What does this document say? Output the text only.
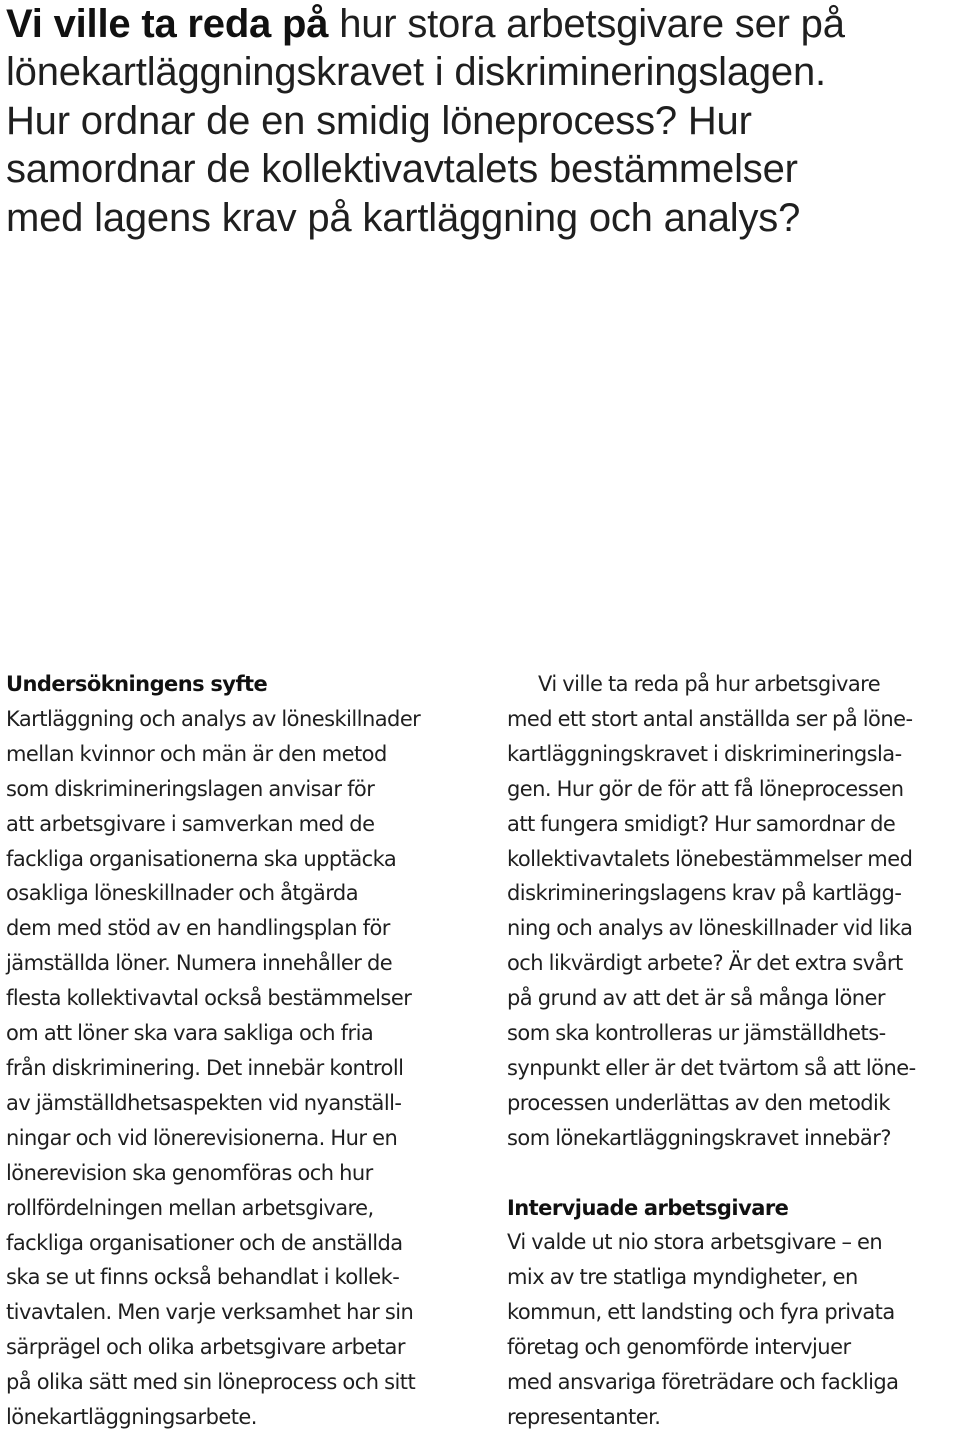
Vi ville ta reda på hur stora arbetsgivare ser på
lönekartläggningskravet i diskrimineringslagen.
Hur ordnar de en smidig löneprocess? Hur
samordnar de kollektivavtalets bestämmelser
med lagens krav på kartläggning och analys?

Undersökningens syfte
Kartläggning och analys av löneskillnader
mellan kvinnor och män är den metod
som diskrimineringslagen anvisar för
att arbetsgivare i samverkan med de
fackliga organisationerna ska upptäcka
osakliga löneskillnader och åtgärda
dem med stöd av en handlingsplan för
jämställda löner. Numera innehåller de
flesta kollektivavtal också bestämmelser
om att löner ska vara sakliga och fria
från diskriminering. Det innebär kontroll
av jämställdhetsaspekten vid nyanställ-
ningar och vid lönerevisionerna. Hur en
lönerevision ska genomföras och hur
rollfördelningen mellan arbetsgivare,
fackliga organisationer och de anställda
ska se ut finns också behandlat i kollek-
tivavtalen. Men varje verksamhet har sin
särprägel och olika arbetsgivare arbetar
på olika sätt med sin löneprocess och sitt
lönekartläggningsarbete.
Vi ville ta reda på hur arbetsgivare
med ett stort antal anställda ser på löne-
kartläggningskravet i diskrimineringsla-
gen. Hur gör de för att få löneprocessen
att fungera smidigt? Hur samordnar de
kollektivavtalets lönebestämmelser med
diskrimineringslagens krav på kartlägg-
ning och analys av löneskillnader vid lika
och likvärdigt arbete? Är det extra svårt
på grund av att det är så många löner
som ska kontrolleras ur jämställdhets-
synpunkt eller är det tvärtom så att löne-
processen underlättas av den metodik
som lönekartläggningskravet innebär?
Intervjuade arbetsgivare
Vi valde ut nio stora arbetsgivare – en
mix av tre statliga myndigheter, en
kommun, ett landsting och fyra privata
företag och genomförde intervjuer
med ansvariga företrädare och fackliga
representanter.
